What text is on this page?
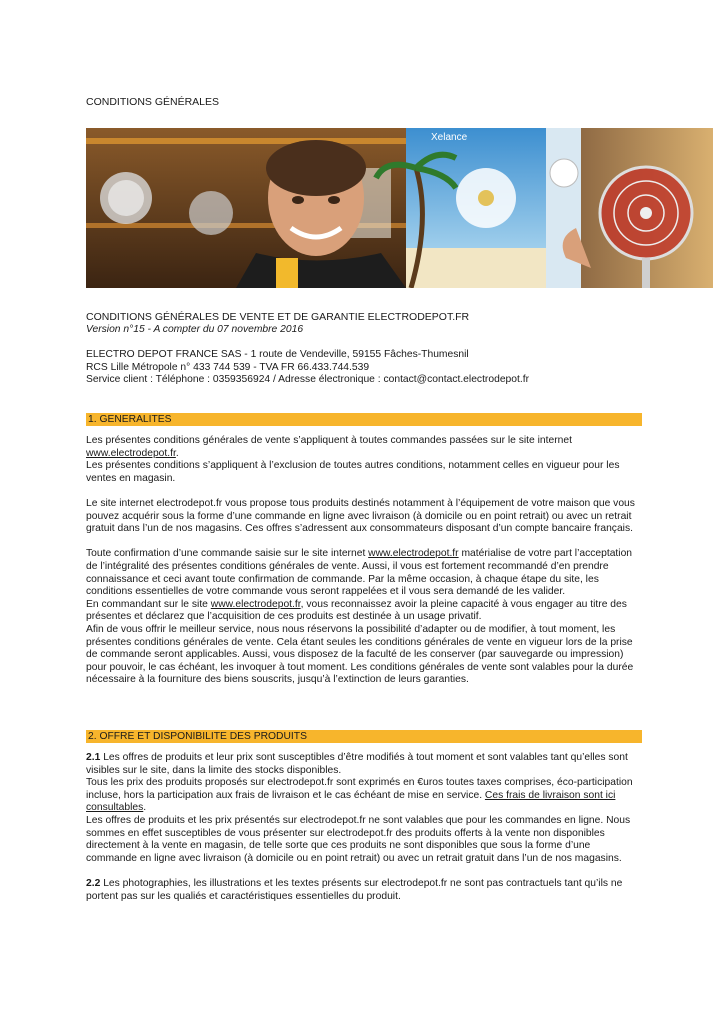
CONDITIONS GÉNÉRALES
Xelance
CONDITIONS GÉNÉRALES DE VENTE ET DE GARANTIE ELECTRODEPOT.FR
Version n°15 - A compter du 07 novembre 2016
ELECTRO DEPOT FRANCE SAS - 1 route de Vendeville, 59155 Fâches-Thumesnil
RCS Lille Métropole n° 433 744 539 - TVA FR 66.433.744.539
Service client : Téléphone : 0359356924 / Adresse électronique : contact@contact.electrodepot.fr
1. GENERALITES

Les présentes conditions générales de vente s’appliquent à toutes commandes passées sur le site internet www.electrodepot.fr.

Les présentes conditions s’appliquent à l’exclusion de toutes autres conditions, notamment celles en vigueur pour les ventes en magasin.

Le site internet electrodepot.fr vous propose tous produits destinés notamment à l’équipement de votre maison que vous pouvez acquérir sous la forme d’une commande en ligne avec livraison (à domicile ou en point retrait) ou avec un retrait gratuit dans l’un de nos magasins. Ces offres s’adressent aux consommateurs disposant d’un compte bancaire français.

Toute confirmation d’une commande saisie sur le site internet www.electrodepot.fr matérialise de votre part l’acceptation de l’intégralité des présentes conditions générales de vente. Aussi, il vous est fortement recommandé d’en prendre connaissance et ceci avant toute confirmation de commande. Par la même occasion, à chaque étape du site, les conditions essentielles de votre commande vous seront rappelées et il vous sera demandé de les valider.

En commandant sur le site www.electrodepot.fr, vous reconnaissez avoir la pleine capacité à vous engager au titre des présentes et déclarez que l’acquisition de ces produits est destinée à un usage privatif.

Afin de vous offrir le meilleur service, nous nous réservons la possibilité d’adapter ou de modifier, à tout moment, les présentes conditions générales de vente. Cela étant seules les conditions générales de vente en vigueur lors de la prise de commande seront applicables. Aussi, vous disposez de la faculté de les conserver (par sauvegarde ou impression) pour pouvoir, le cas échéant, les invoquer à tout moment. Les conditions générales de vente sont valables pour la durée nécessaire à la fourniture des biens souscrits, jusqu’à l’extinction de leurs garanties.

2. OFFRE ET DISPONIBILITE DES PRODUITS

2.1 Les offres de produits et leur prix sont susceptibles d’être modifiés à tout moment et sont valables tant qu’elles sont visibles sur le site, dans la limite des stocks disponibles.

Tous les prix des produits proposés sur electrodepot.fr sont exprimés en €uros toutes taxes comprises, éco-participation incluse, hors la participation aux frais de livraison et le cas échéant de mise en service. Ces frais de livraison sont ici consultables.

Les offres de produits et les prix présentés sur electrodepot.fr ne sont valables que pour les commandes en ligne. Nous sommes en effet susceptibles de vous présenter sur electrodepot.fr des produits offerts à la vente non disponibles directement à la vente en magasin, de telle sorte que ces produits ne sont disponibles que sous la forme d’une commande en ligne avec livraison (à domicile ou en point retrait) ou avec un retrait gratuit dans l’un de nos magasins.

2.2 Les photographies, les illustrations et les textes présents sur electrodepot.fr ne sont pas contractuels tant qu’ils ne portent pas sur les qualiés et caractéristiques essentielles du produit.
